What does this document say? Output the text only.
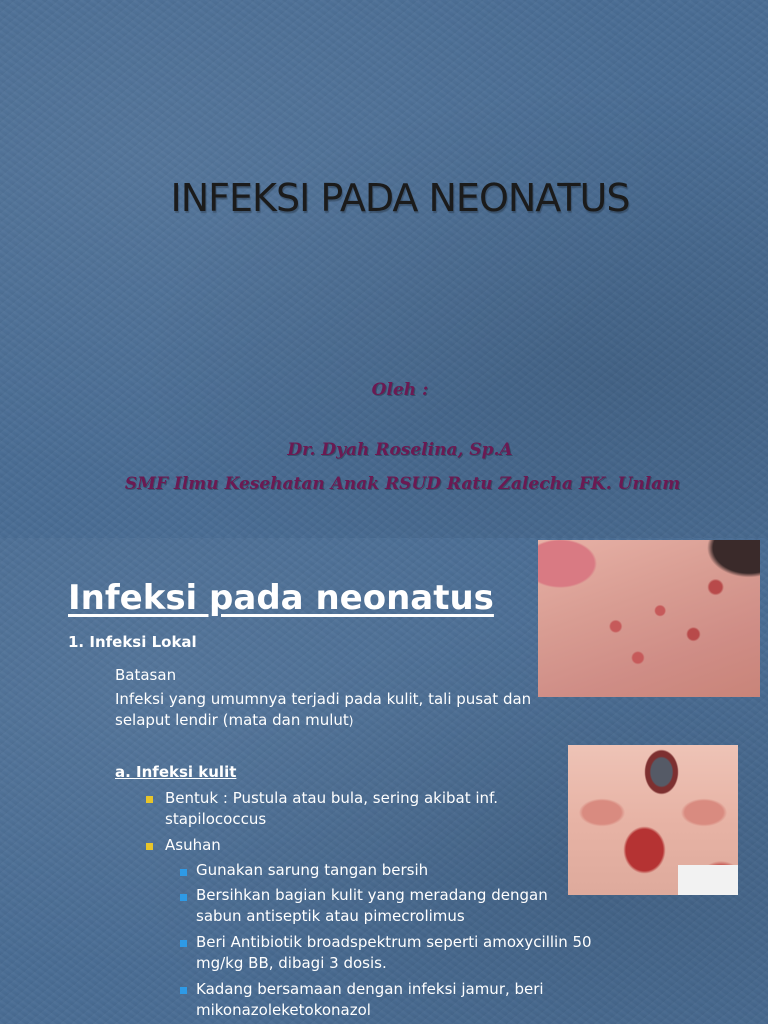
INFEKSI PADA NEONATUS
Oleh :
Dr. Dyah Roselina, Sp.A
SMF Ilmu Kesehatan Anak RSUD Ratu Zalecha FK. Unlam
Infeksi pada neonatus
1. Infeksi Lokal
Batasan
Infeksi yang umumnya terjadi pada kulit, tali pusat dan
selaput lendir (mata dan mulut)
a. Infeksi kulit
Bentuk : Pustula atau bula, sering akibat inf.
stapilococcus
Asuhan
Gunakan sarung tangan bersih
Bersihkan bagian kulit yang meradang dengan
sabun antiseptik atau pimecrolimus
Beri Antibiotik broadspektrum seperti amoxycillin 50
mg/kg BB, dibagi 3 dosis.
Kadang bersamaan dengan infeksi jamur, beri
mikonazoleketokonazol
